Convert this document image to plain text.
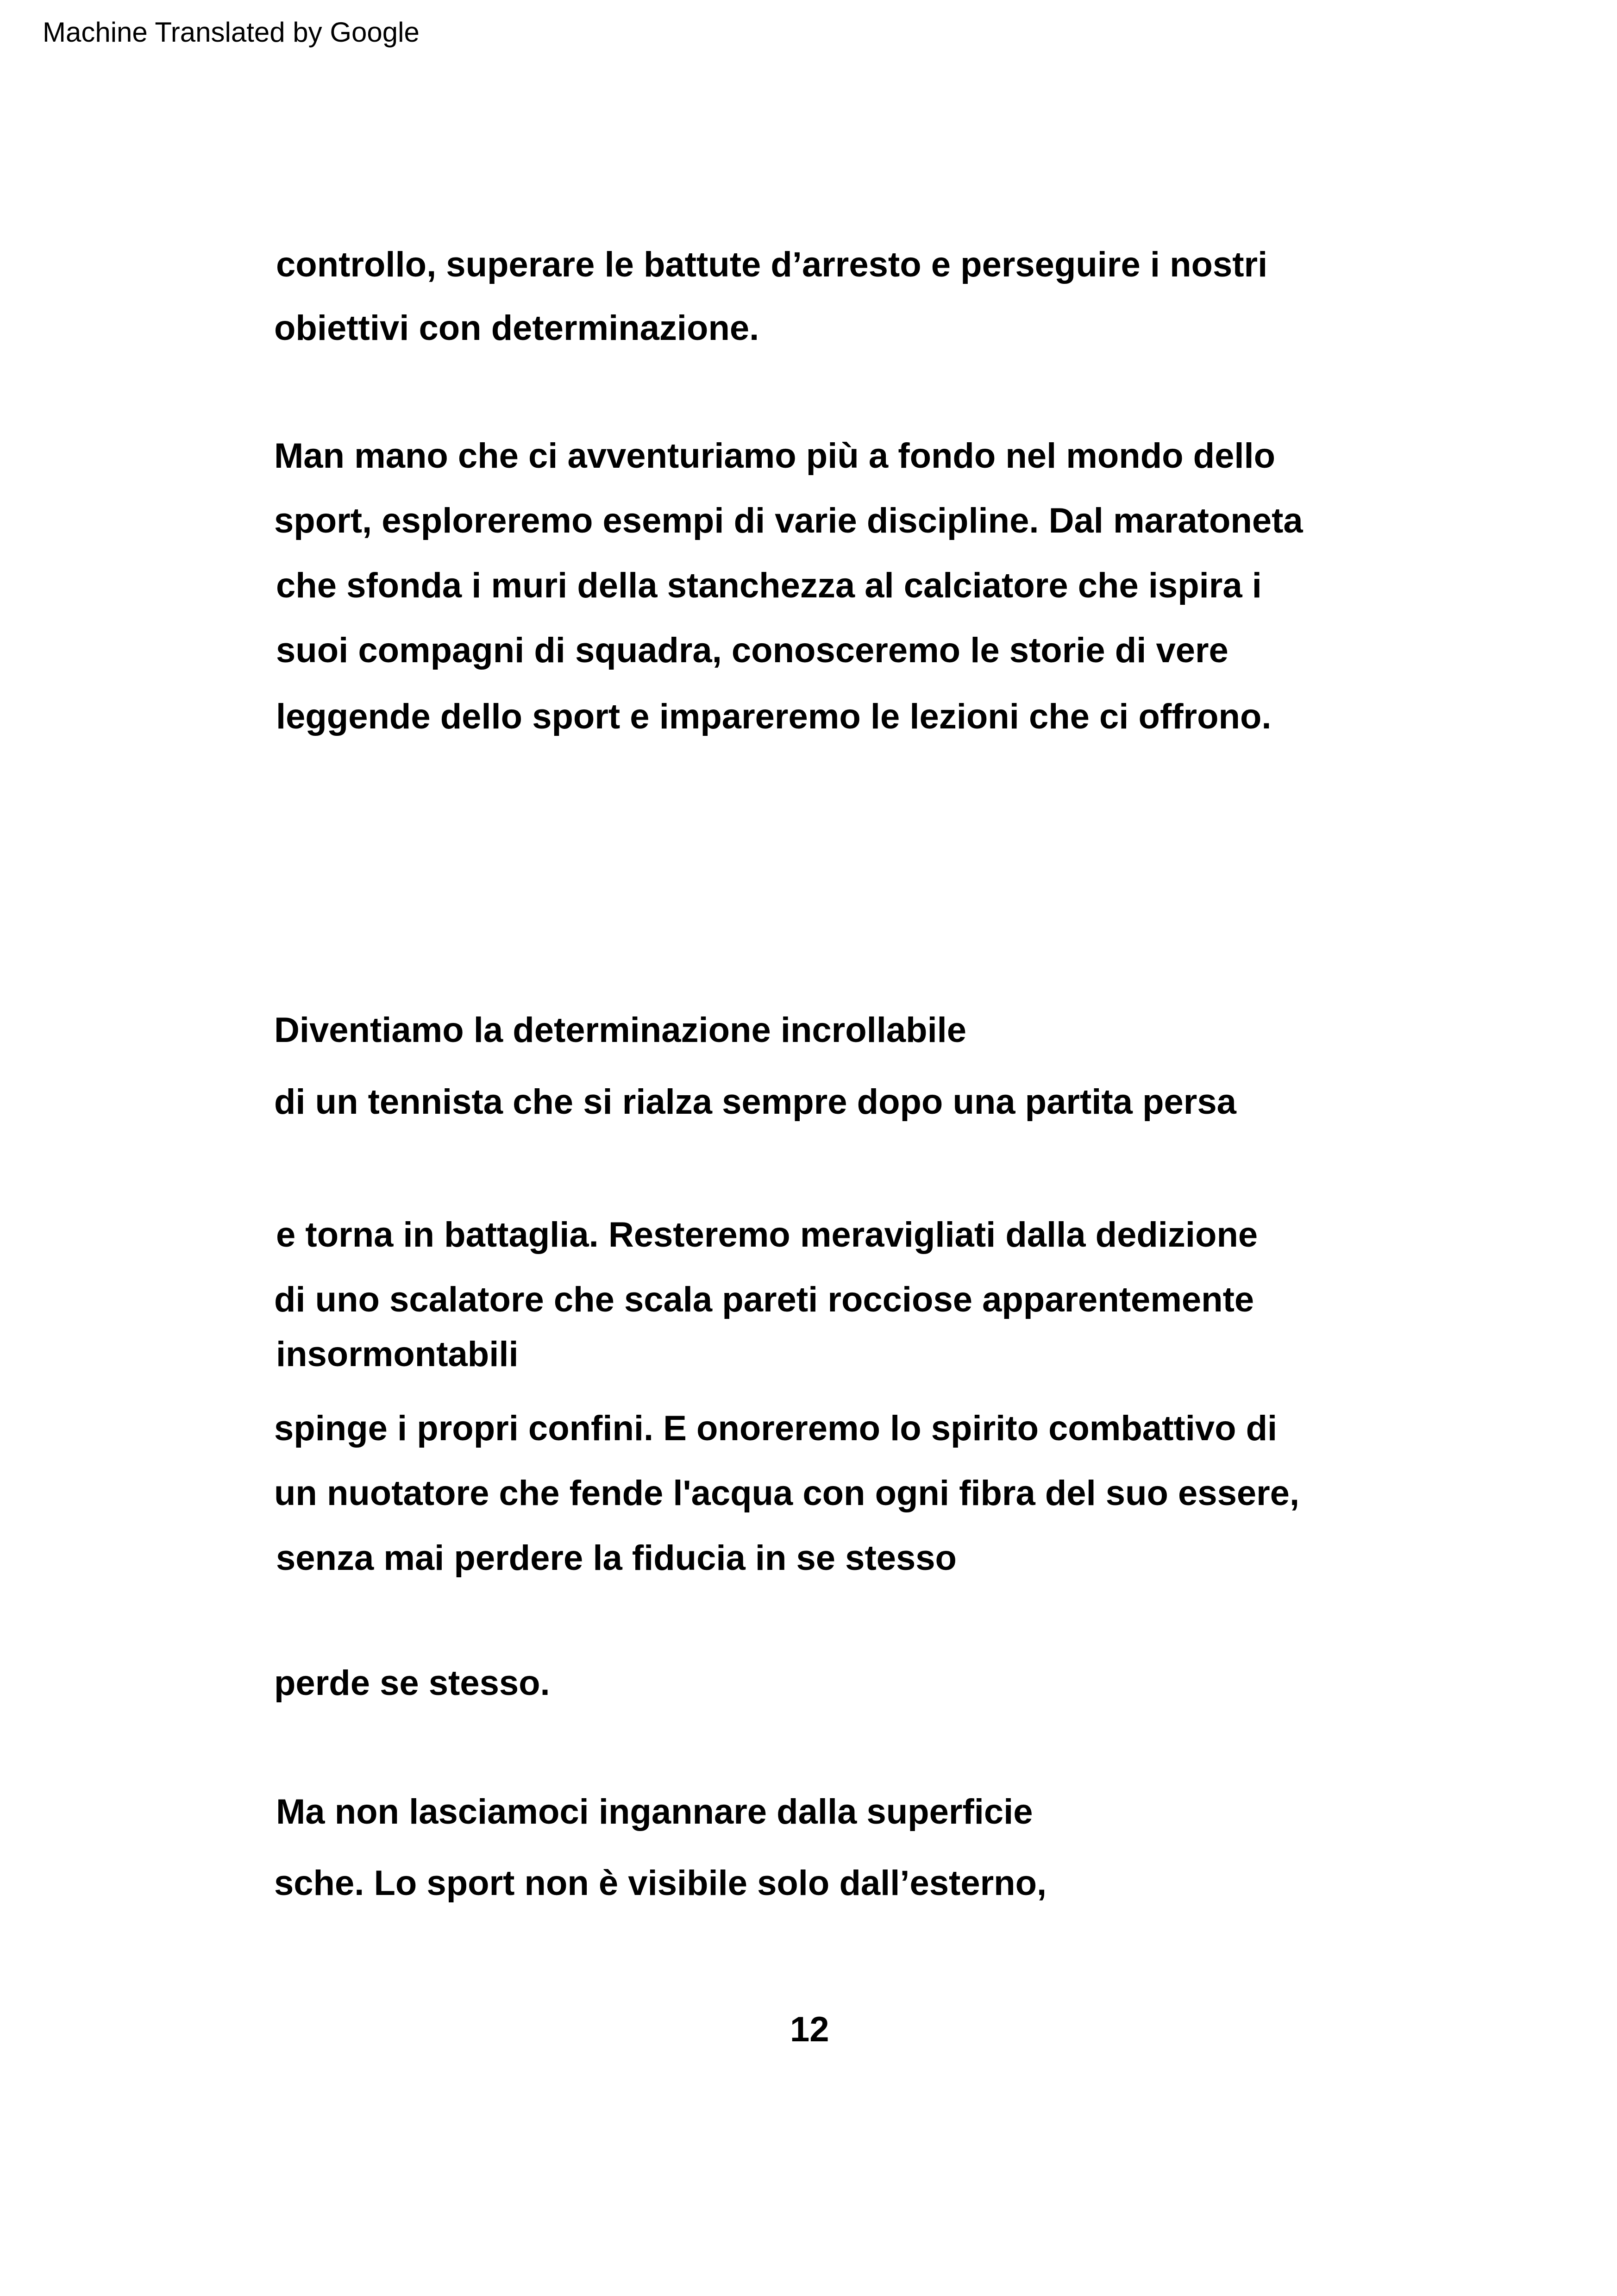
Machine Translated by Google
controllo, superare le battute d’arresto e perseguire i nostri
obiettivi con determinazione.
Man mano che ci avventuriamo più a fondo nel mondo dello
sport, esploreremo esempi di varie discipline. Dal maratoneta
che sfonda i muri della stanchezza al calciatore che ispira i
suoi compagni di squadra, conosceremo le storie di vere
leggende dello sport e impareremo le lezioni che ci offrono.
Diventiamo la determinazione incrollabile
di un tennista che si rialza sempre dopo una partita persa
e torna in battaglia. Resteremo meravigliati dalla dedizione
di uno scalatore che scala pareti rocciose apparentemente
insormontabili
spinge i propri confini. E onoreremo lo spirito combattivo di
un nuotatore che fende l'acqua con ogni fibra del suo essere,
senza mai perdere la fiducia in se stesso
perde se stesso.
Ma non lasciamoci ingannare dalla superficie
sche. Lo sport non è visibile solo dall’esterno,
12
